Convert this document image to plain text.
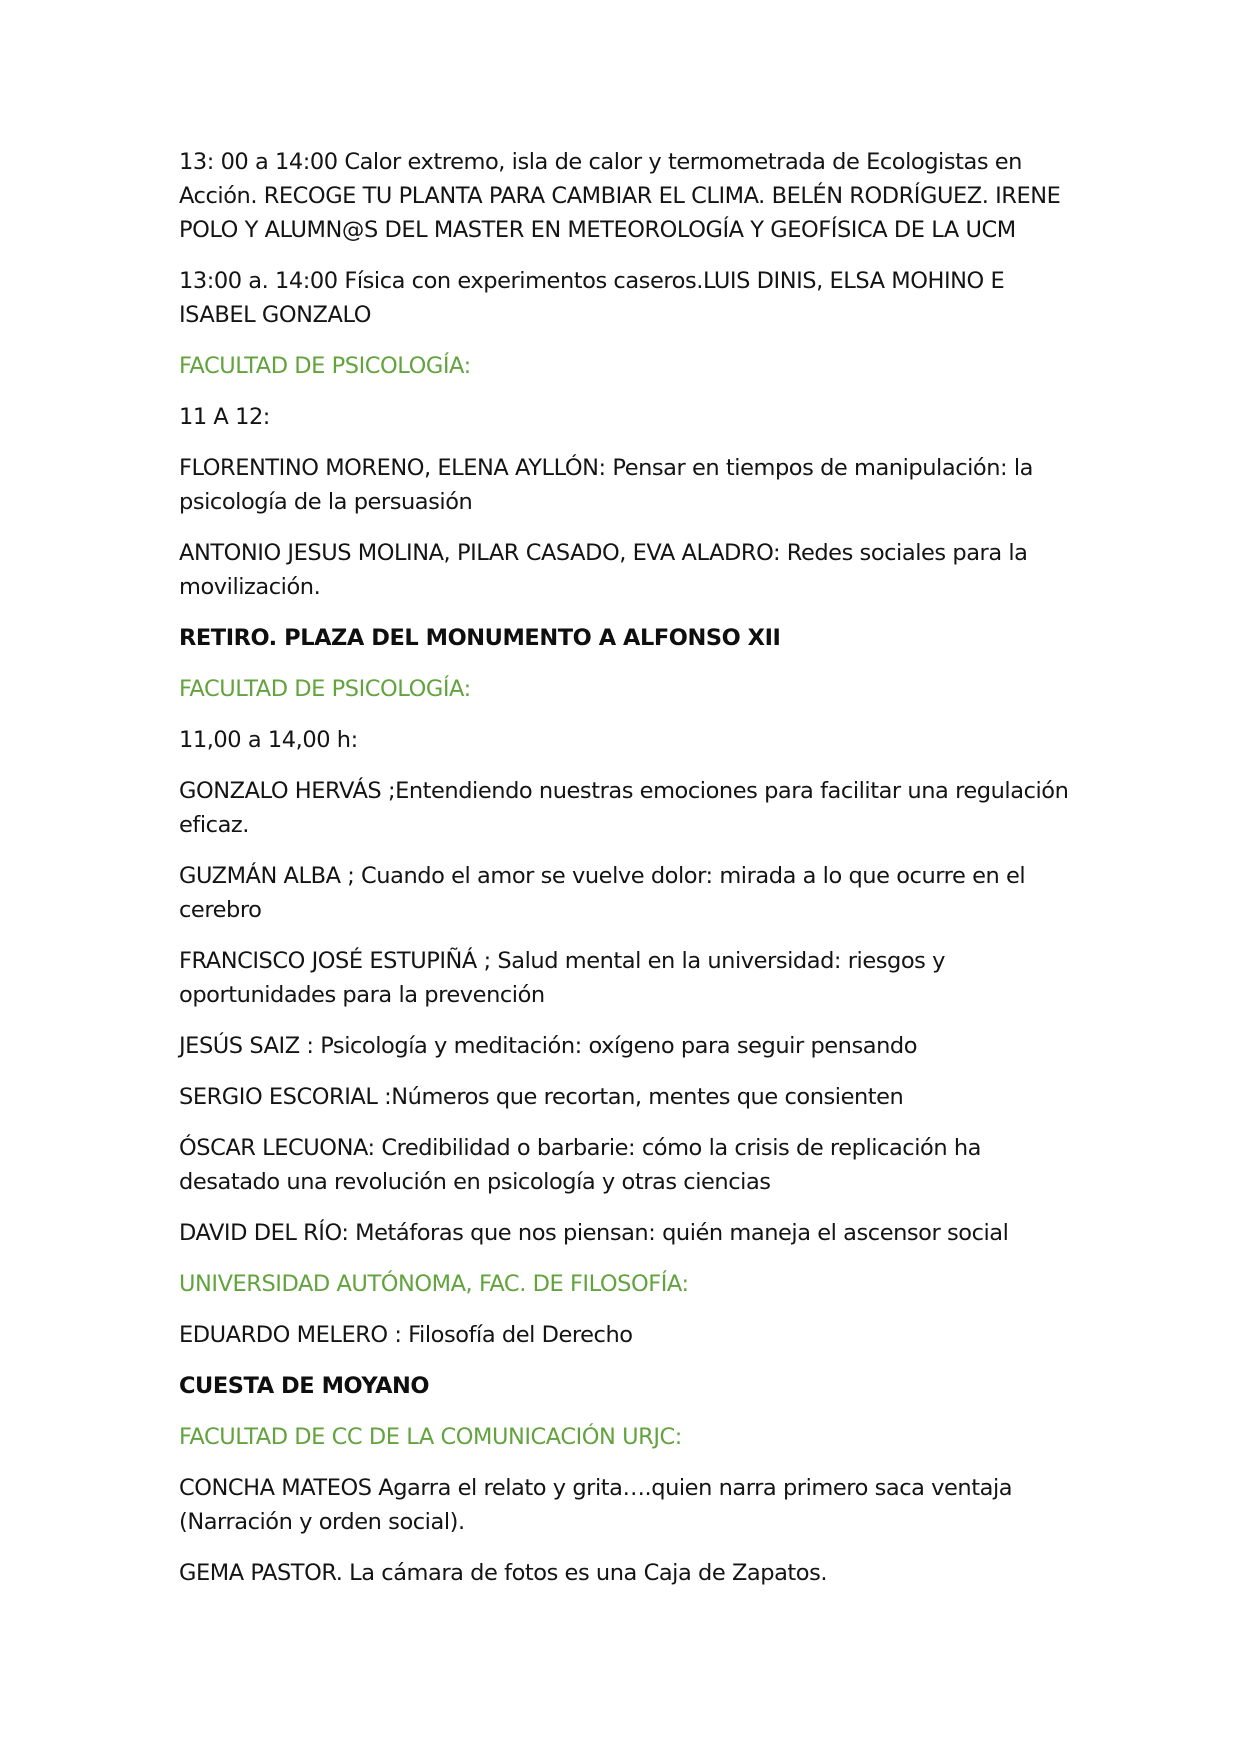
13: 00 a 14:00 Calor extremo, isla de calor y termometrada de Ecologistas en Acción. RECOGE TU PLANTA PARA CAMBIAR EL CLIMA. BELÉN RODRÍGUEZ. IRENE POLO Y ALUMN@S DEL MASTER EN METEOROLOGÍA Y GEOFÍSICA DE LA UCM

13:00 a. 14:00 Física con experimentos caseros.LUIS DINIS, ELSA MOHINO E ISABEL GONZALO

FACULTAD DE PSICOLOGÍA:

11 A 12:

FLORENTINO MORENO, ELENA AYLLÓN: Pensar en tiempos de manipulación: la psicología de la persuasión

ANTONIO JESUS MOLINA, PILAR CASADO, EVA ALADRO: Redes sociales para la movilización.

RETIRO. PLAZA DEL MONUMENTO A ALFONSO XII

FACULTAD DE PSICOLOGÍA:

11,00 a 14,00 h:

GONZALO HERVÁS ;Entendiendo nuestras emociones para facilitar una regulación eficaz.

GUZMÁN ALBA ; Cuando el amor se vuelve dolor: mirada a lo que ocurre en el cerebro

FRANCISCO JOSÉ ESTUPIÑÁ ; Salud mental en la universidad: riesgos y oportunidades para la prevención

JESÚS SAIZ : Psicología y meditación: oxígeno para seguir pensando

SERGIO ESCORIAL :Números que recortan, mentes que consienten

ÓSCAR LECUONA: Credibilidad o barbarie: cómo la crisis de replicación ha desatado una revolución en psicología y otras ciencias

DAVID DEL RÍO: Metáforas que nos piensan: quién maneja el ascensor social

UNIVERSIDAD AUTÓNOMA, FAC. DE FILOSOFÍA:

EDUARDO MELERO : Filosofía del Derecho

CUESTA DE MOYANO

FACULTAD DE CC DE LA COMUNICACIÓN URJC:

CONCHA MATEOS Agarra el relato y grita….quien narra primero saca ventaja (Narración y orden social).

GEMA PASTOR. La cámara de fotos es una Caja de Zapatos.
